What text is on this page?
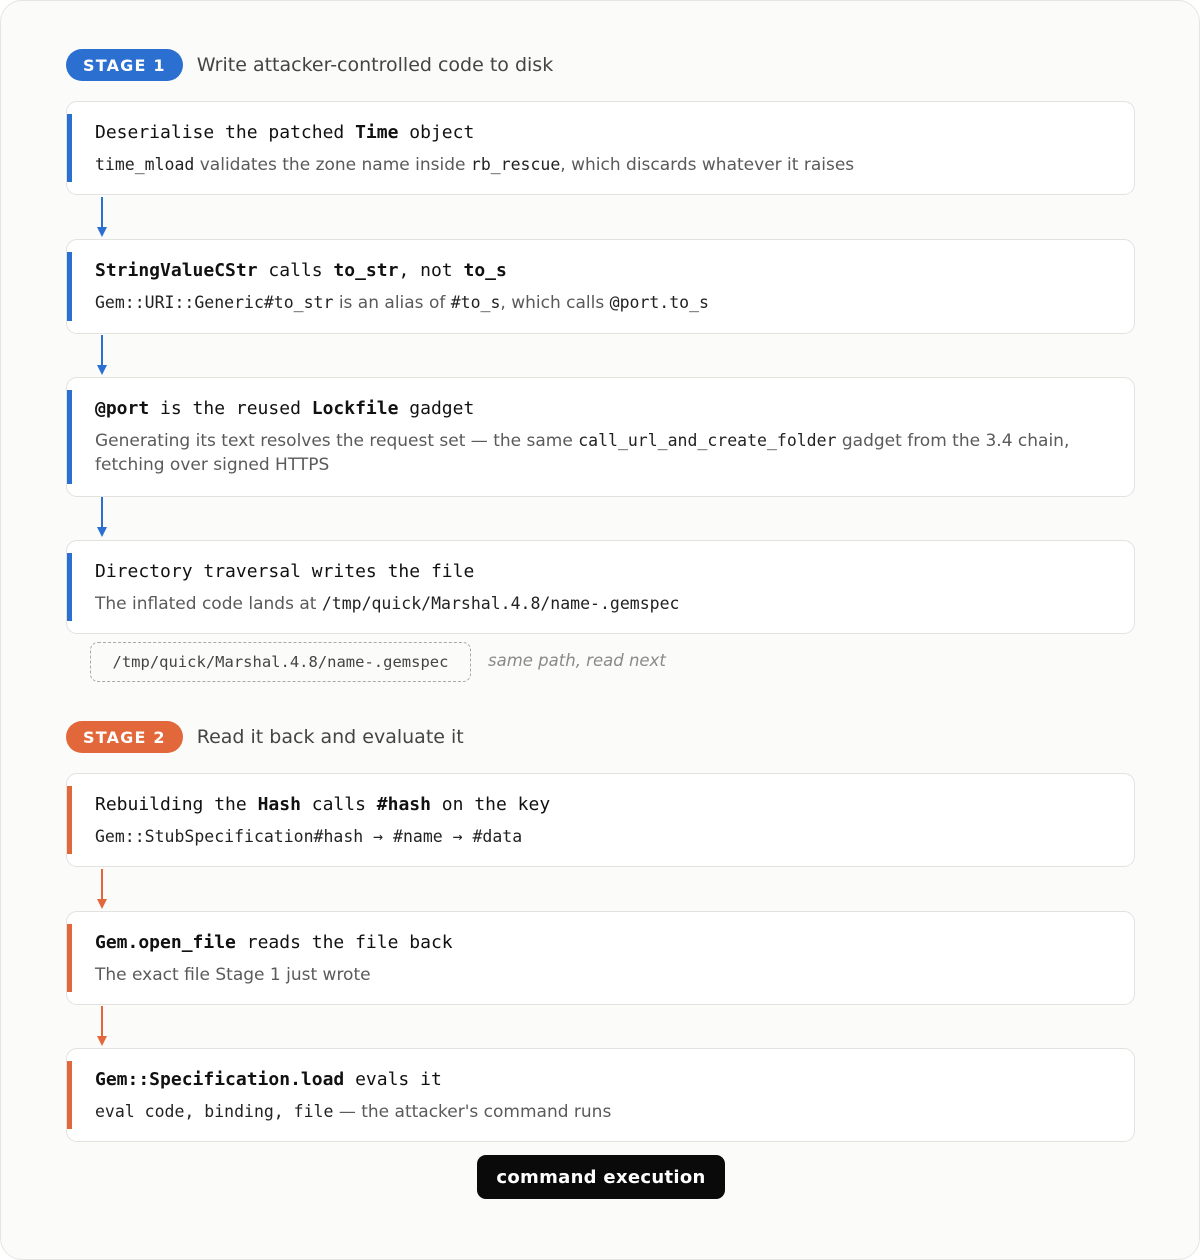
STAGE 1	Write attacker-controlled code to disk
Deserialise the patched Time object
time_mload validates the zone name inside rb_rescue, which discards whatever it raises
StringValueCStr calls to_str, not to_s
Gem::URI::Generic#to_str is an alias of #to_s, which calls @port.to_s
@port is the reused Lockfile gadget
Generating its text resolves the request set — the same call_url_and_create_folder gadget from the 3.4 chain, fetching over signed HTTPS
Directory traversal writes the file
The inflated code lands at /tmp/quick/Marshal.4.8/name-.gemspec
/tmp/quick/Marshal.4.8/name-.gemspec	same path, read next
STAGE 2	Read it back and evaluate it
Rebuilding the Hash calls #hash on the key
Gem::StubSpecification#hash → #name → #data
Gem.open_file reads the file back
The exact file Stage 1 just wrote
Gem::Specification.load evals it
eval code, binding, file — the attacker's command runs
command execution
